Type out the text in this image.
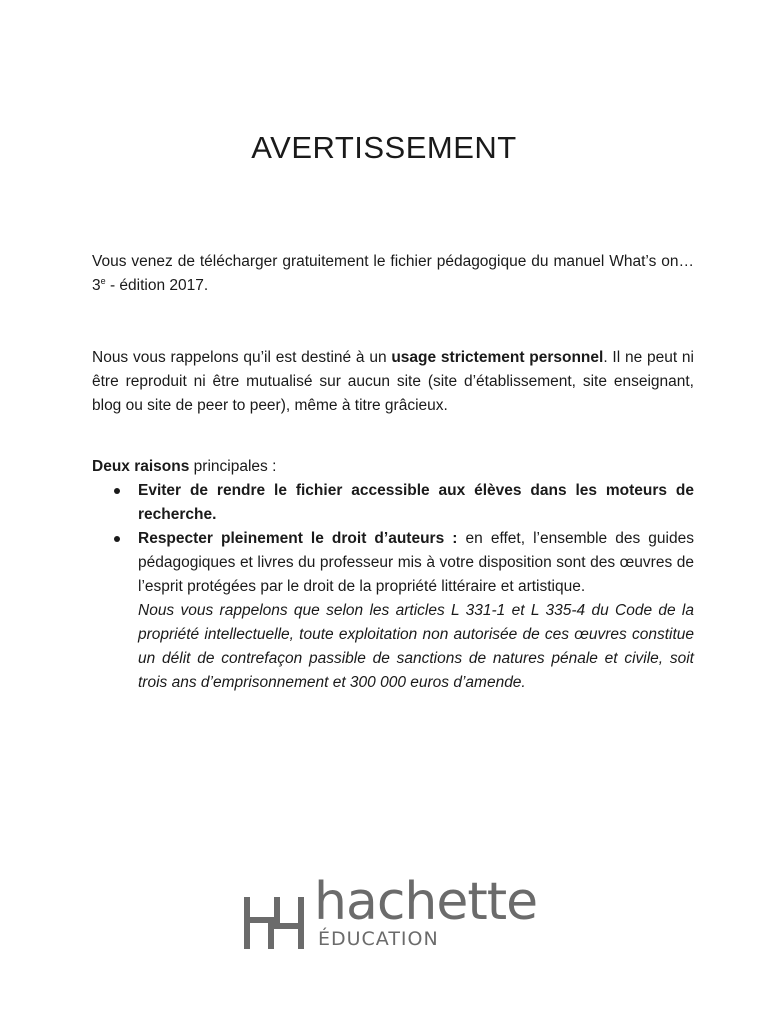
AVERTISSEMENT

Vous venez de télécharger gratuitement le fichier pédagogique du manuel What’s on… 3e - édition 2017.

Nous vous rappelons qu’il est destiné à un usage strictement personnel. Il ne peut ni être reproduit ni être mutualisé sur aucun site (site d’établissement, site enseignant, blog ou site de peer to peer), même à titre grâcieux.

Deux raisons principales :

Eviter de rendre le fichier accessible aux élèves dans les moteurs de recherche.
Respecter pleinement le droit d’auteurs : en effet, l’ensemble des guides pédagogiques et livres du professeur mis à votre disposition sont des œuvres de l’esprit protégées par le droit de la propriété littéraire et artistique.
Nous vous rappelons que selon les articles L 331-1 et L 335-4 du Code de la propriété intellectuelle, toute exploitation non autorisée de ces œuvres constitue un délit de contrefaçon passible de sanctions de natures pénale et civile, soit trois ans d’emprisonnement et 300 000 euros d’amende.
hachette
ÉDUCATION
